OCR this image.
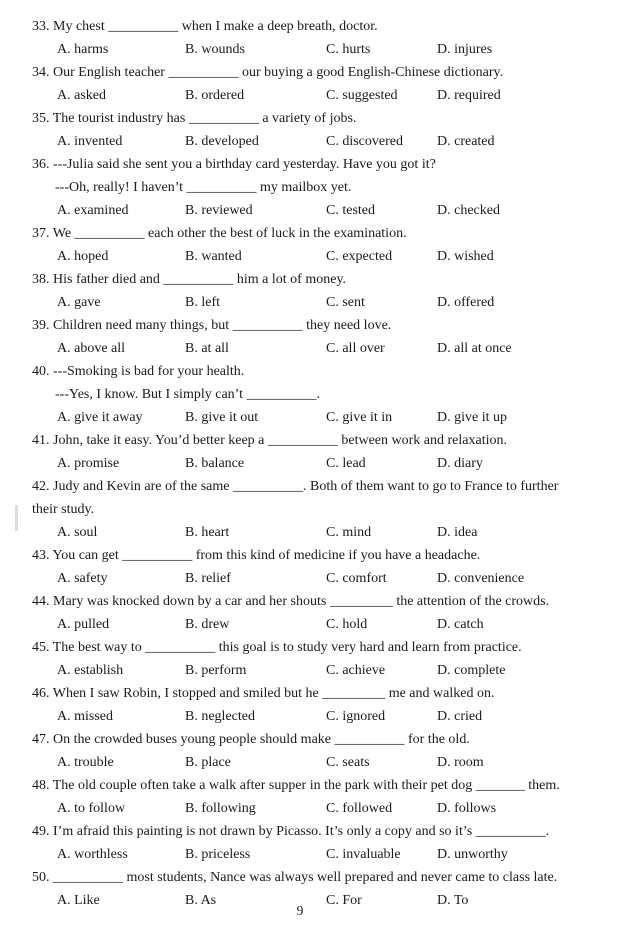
33. My chest __________ when I make a deep breath, doctor.
A. harms	B. wounds	C. hurts	D. injures
34. Our English teacher __________ our buying a good English-Chinese dictionary.
A. asked	B. ordered	C. suggested	D. required
35. The tourist industry has __________ a variety of jobs.
A. invented	B. developed	C. discovered D. created
36. ---Julia said she sent you a birthday card yesterday. Have you got it?
---Oh, really! I haven’t __________ my mailbox yet.
A. examined	B. reviewed	C. tested	D. checked
37. We __________ each other the best of luck in the examination.
A. hoped	B. wanted	C. expected	D. wished
38. His father died and __________ him a lot of money.
A. gave	B. left	C. sent	D. offered
39. Children need many things, but __________ they need love.
A. above all	B. at all	C. all over	D. all at once
40. ---Smoking is bad for your health.
---Yes, I know. But I simply can’t __________.
A. give it away	B. give it out	C. give it in	D. give it up
41. John, take it easy. You’d better keep a __________ between work and relaxation.
A. promise	B. balance	C. lead	D. diary
42. Judy and Kevin are of the same __________. Both of them want to go to France to further
their study.
A. soul	B. heart	C. mind	D. idea
43. You can get __________ from this kind of medicine if you have a headache.
A. safety	B. relief	C. comfort	D. convenience
44. Mary was knocked down by a car and her shouts _________ the attention of the crowds.
A. pulled	B. drew	C. hold	D. catch
45. The best way to __________ this goal is to study very hard and learn from practice.
A. establish	B. perform	C. achieve	D. complete
46. When I saw Robin, I stopped and smiled but he _________ me and walked on.
A. missed	B. neglected	C. ignored	D. cried
47. On the crowded buses young people should make __________ for the old.
A. trouble	B. place	C. seats	D. room
48. The old couple often take a walk after supper in the park with their pet dog _______ them.
A. to follow	B. following	C. followed	D. follows
49. I’m afraid this painting is not drawn by Picasso. It’s only a copy and so it’s __________.
A. worthless	B. priceless	C. invaluable	D. unworthy
50. __________ most students, Nance was always well prepared and never came to class late.
A. Like	B. As	C. For	D. To
9
